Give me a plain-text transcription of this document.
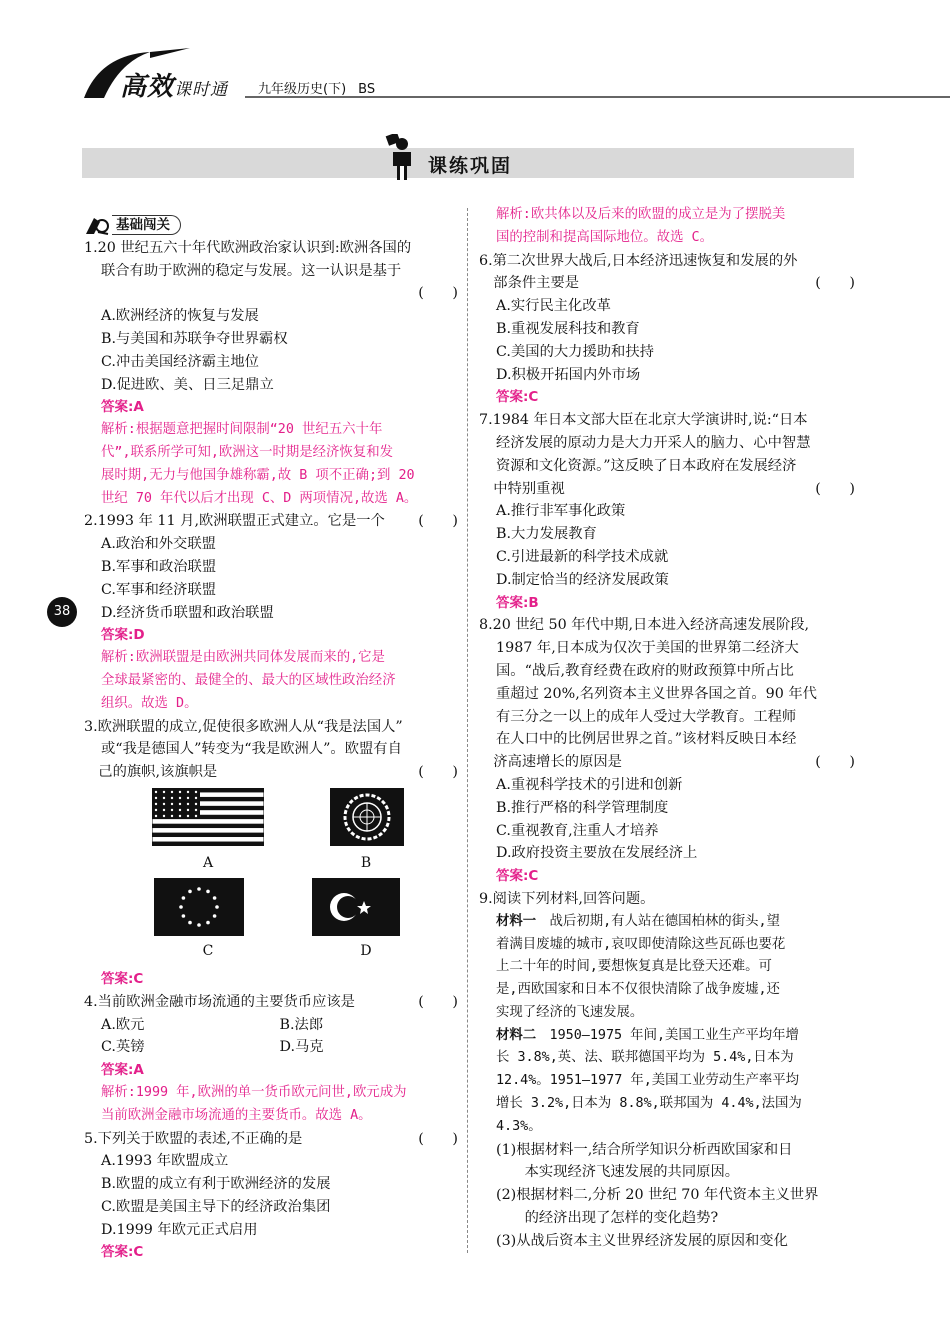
高效课时通 九年级历史(下) BS
课练巩固
38
基础闯关
1.20 世纪五六十年代欧洲政治家认识到:欧洲各国的
联合有助于欧洲的稳定与发展。这一认识是基于
(　　)

A.欧洲经济的恢复与发展
B.与美国和苏联争夺世界霸权
C.冲击美国经济霸主地位
D.促进欧、美、日三足鼎立
答案:A
解析:根据题意把握时间限制“20 世纪五六十年
代”,联系所学可知,欧洲这一时期是经济恢复和发
展时期,无力与他国争雄称霸,故 B 项不正确;到 20
世纪 70 年代以后才出现 C、D 两项情况,故选 A。
2.1993 年 11 月,欧洲联盟正式建立。它是一个 (　　)
A.政治和外交联盟
B.军事和政治联盟
C.军事和经济联盟
D.经济货币联盟和政治联盟
答案:D
解析:欧洲联盟是由欧洲共同体发展而来的,它是
全球最紧密的、最健全的、最大的区域性政治经济
组织。故选 D。
3.欧洲联盟的成立,促使很多欧洲人从“我是法国人”
或“我是德国人”转变为“我是欧洲人”。欧盟有自
　己的旗帜,该旗帜是	(　　)
A	B
C	D
答案:C
4.当前欧洲金融市场流通的主要货币应该是	(　　)
A.欧元	B.法郎
C.英镑	D.马克
答案:A
解析:1999 年,欧洲的单一货币欧元问世,欧元成为
当前欧洲金融市场流通的主要货币。故选 A。
5.下列关于欧盟的表述,不正确的是	(　　)
A.1993 年欧盟成立
B.欧盟的成立有利于欧洲经济的发展
C.欧盟是美国主导下的经济政治集团
D.1999 年欧元正式启用
答案:C
解析:欧共体以及后来的欧盟的成立是为了摆脱美
国的控制和提高国际地位。故选 C。
6.第二次世界大战后,日本经济迅速恢复和发展的外
　部条件主要是	(　　)
A.实行民主化改革
B.重视发展科技和教育
C.美国的大力援助和扶持
D.积极开拓国内外市场
答案:C
7.1984 年日本文部大臣在北京大学演讲时,说:“日本
经济发展的原动力是大力开采人的脑力、心中智慧
资源和文化资源。”这反映了日本政府在发展经济
　中特别重视	(　　)
A.推行非军事化政策
B.大力发展教育
C.引进最新的科学技术成就
D.制定恰当的经济发展政策
答案:B
8.20 世纪 50 年代中期,日本进入经济高速发展阶段,
1987 年,日本成为仅次于美国的世界第二经济大
国。“战后,教育经费在政府的财政预算中所占比
重超过 20%,名列资本主义世界各国之首。90 年代
有三分之一以上的成年人受过大学教育。工程师
在人口中的比例居世界之首。”该材料反映日本经
　济高速增长的原因是	(　　)
A.重视科学技术的引进和创新
B.推行严格的科学管理制度
C.重视教育,注重人才培养
D.政府投资主要放在发展经济上
答案:C
9.阅读下列材料,回答问题。
材料一　战后初期,有人站在德国柏林的街头,望
着满目废墟的城市,哀叹即使清除这些瓦砾也要花
上二十年的时间,要想恢复真是比登天还难。可
是,西欧国家和日本不仅很快清除了战争废墟,还
实现了经济的飞速发展。
材料二　1950—1975 年间,美国工业生产平均年增
长 3.8%,英、法、联邦德国平均为 5.4%,日本为
12.4%。1951—1977 年,美国工业劳动生产率平均
增长 3.2%,日本为 8.8%,联邦国为 4.4%,法国为
4.3%。
(1)根据材料一,结合所学知识分析西欧国家和日
　　本实现经济飞速发展的共同原因。
(2)根据材料二,分析 20 世纪 70 年代资本主义世界
　　的经济出现了怎样的变化趋势?
(3)从战后资本主义世界经济发展的原因和变化
